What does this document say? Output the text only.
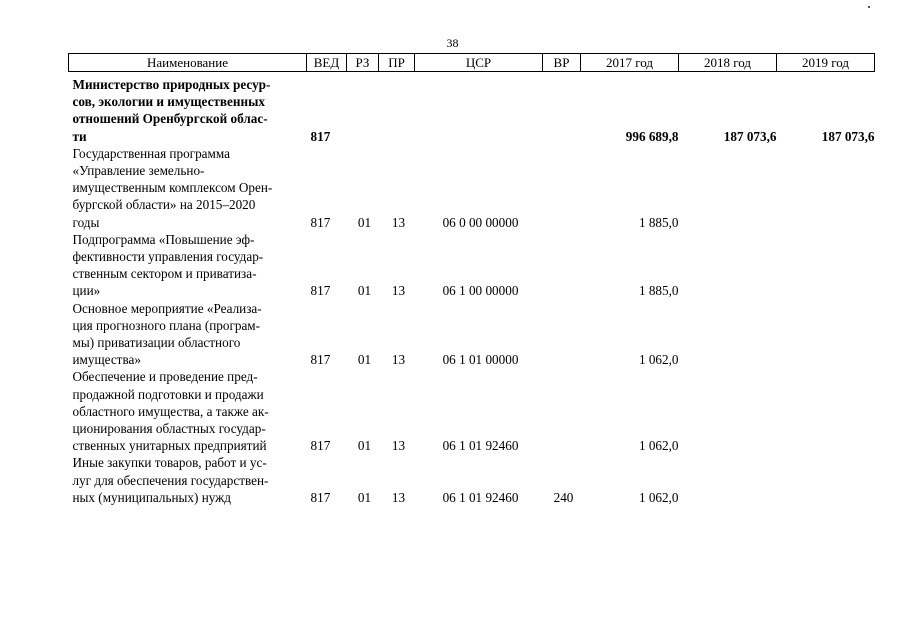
38
Наименование	ВЕД	РЗ	ПР	ЦСР	ВР	2017 год	2018 год	2019 год

Министерство природных ресур-
сов, экологии и имущественных
отношений Оренбургской облас-
ти	817					996 689,8	187 073,6	187 073,6

Государственная программа
«Управление земельно-
имущественным комплексом Орен-
бургской области» на 2015–2020
годы	817	01	13	06 0 00 00000		1 885,0		

Подпрограмма «Повышение эф-
фективности управления государ-
ственным сектором и приватиза-
ции»	817	01	13	06 1 00 00000		1 885,0		

Основное мероприятие «Реализа-
ция прогнозного плана (програм-
мы) приватизации областного
имущества»	817	01	13	06 1 01 00000		1 062,0		

Обеспечение и проведение пред-
продажной подготовки и продажи
областного имущества, а также ак-
ционирования областных государ-
ственных унитарных предприятий	817	01	13	06 1 01 92460		1 062,0		

Иные закупки товаров, работ и ус-
луг для обеспечения государствен-
ных (муниципальных) нужд	817	01	13	06 1 01 92460	240	1 062,0		
